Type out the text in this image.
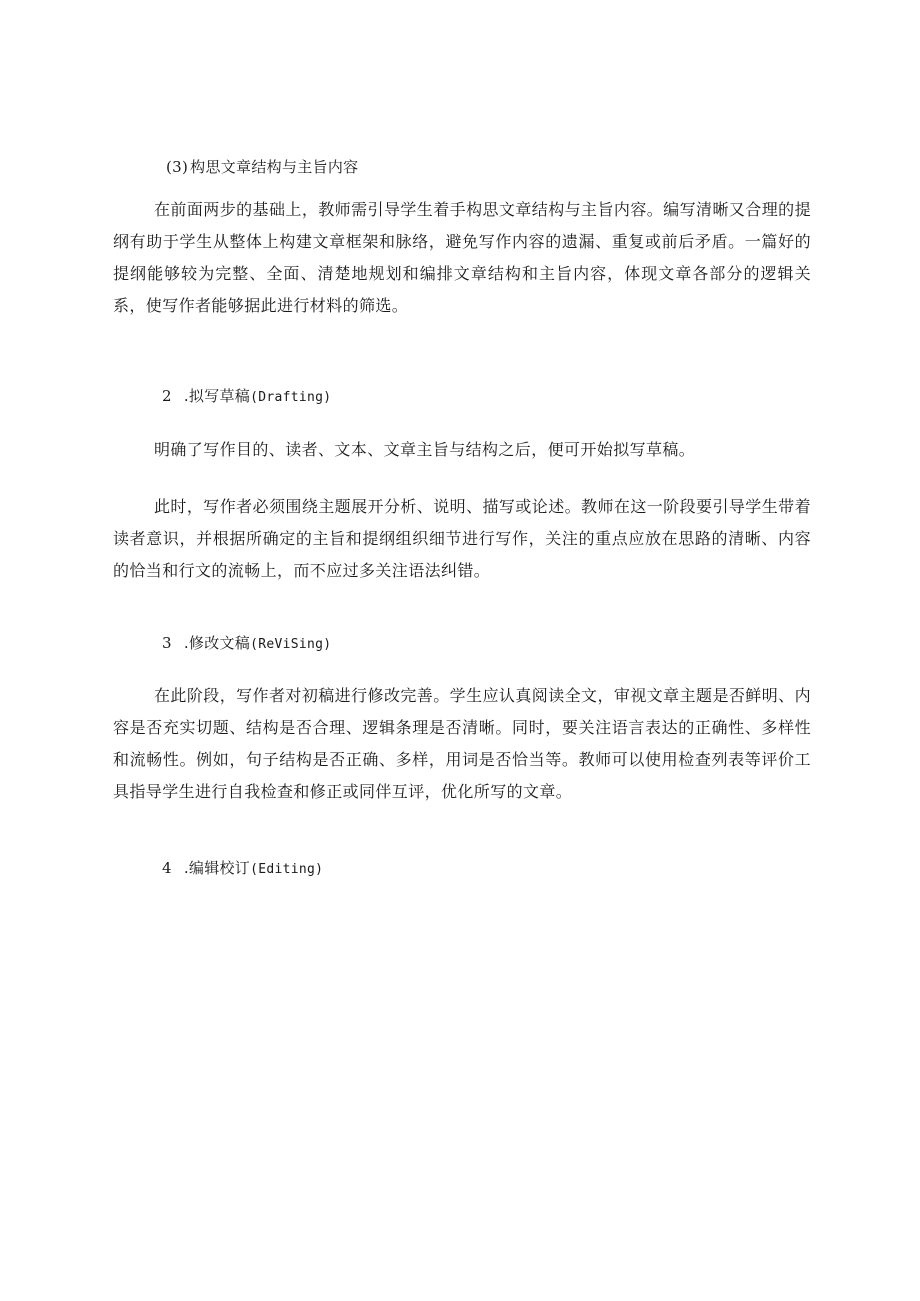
(3) 构思文章结构与主旨内容

在前面两步的基础上，教师需引导学生着手构思文章结构与主旨内容。编写清晰又合理的提纲有助于学生从整体上构建文章框架和脉络，避免写作内容的遗漏、重复或前后矛盾。一篇好的提纲能够较为完整、全面、清楚地规划和编排文章结构和主旨内容，体现文章各部分的逻辑关系，使写作者能够据此进行材料的筛选。

2 .拟写草稿(Drafting)

明确了写作目的、读者、文本、文章主旨与结构之后，便可开始拟写草稿。

此时，写作者必须围绕主题展开分析、说明、描写或论述。教师在这一阶段要引导学生带着读者意识，并根据所确定的主旨和提纲组织细节进行写作，关注的重点应放在思路的清晰、内容的恰当和行文的流畅上，而不应过多关注语法纠错。

3 .修改文稿(ReViSing)

在此阶段，写作者对初稿进行修改完善。学生应认真阅读全文，审视文章主题是否鲜明、内容是否充实切题、结构是否合理、逻辑条理是否清晰。同时，要关注语言表达的正确性、多样性和流畅性。例如，句子结构是否正确、多样，用词是否恰当等。教师可以使用检查列表等评价工具指导学生进行自我检查和修正或同伴互评，优化所写的文章。

4 .编辑校订(Editing)
